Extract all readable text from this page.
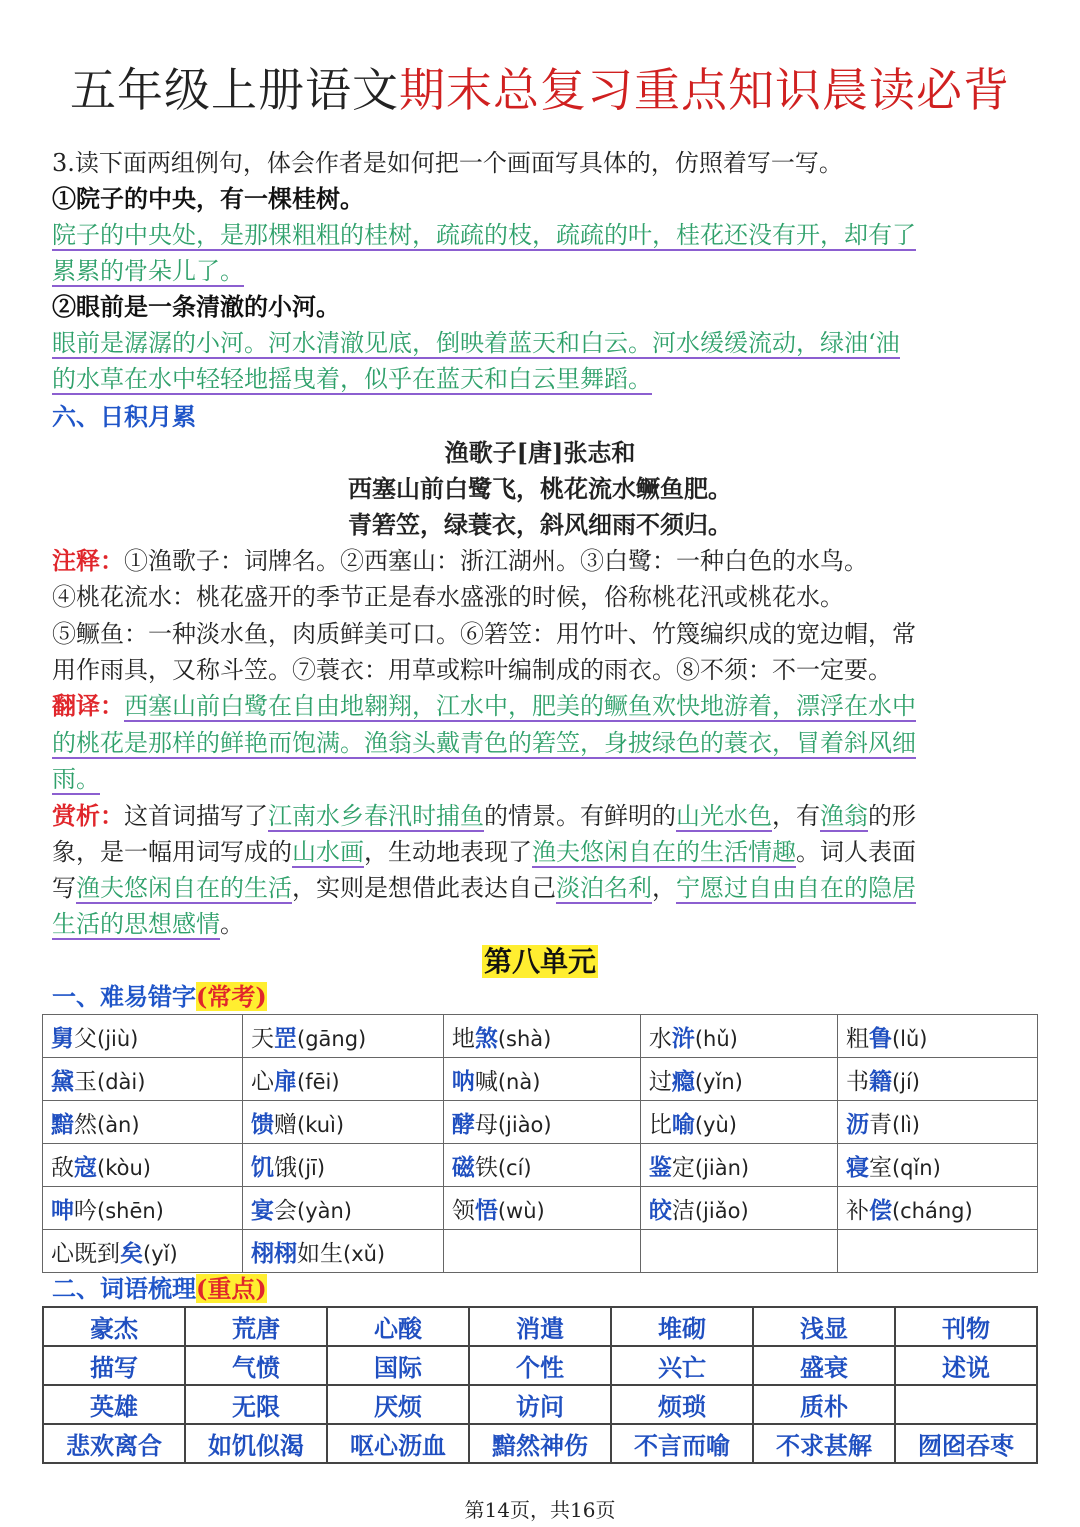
五年级上册语文期末总复习重点知识晨读必背
3.读下面两组例句，体会作者是如何把一个画面写具体的，仿照着写一写。
①院子的中央，有一棵桂树。
院子的中央处，是那棵粗粗的桂树，疏疏的枝，疏疏的叶，桂花还没有开，却有了
累累的骨朵儿了。
②眼前是一条清澈的小河。
眼前是潺潺的小河。河水清澈见底，倒映着蓝天和白云。河水缓缓流动，绿油‘油
的水草在水中轻轻地摇曳着，似乎在蓝天和白云里舞蹈。
六、日积月累
渔歌子[唐]张志和
西塞山前白鹭飞，桃花流水鳜鱼肥。
青箬笠，绿蓑衣，斜风细雨不须归。
注释：①渔歌子：词牌名。②西塞山：浙江湖州。③白鹭：一种白色的水鸟。
④桃花流水：桃花盛开的季节正是春水盛涨的时候，俗称桃花汛或桃花水。
⑤鳜鱼：一种淡水鱼，肉质鲜美可口。⑥箬笠：用竹叶、竹篾编织成的宽边帽，常
用作雨具，又称斗笠。⑦蓑衣：用草或粽叶编制成的雨衣。⑧不须：不一定要。
翻译：西塞山前白鹭在自由地翱翔，江水中，肥美的鳜鱼欢快地游着，漂浮在水中
的桃花是那样的鲜艳而饱满。渔翁头戴青色的箬笠，身披绿色的蓑衣，冒着斜风细
雨。
赏析：这首词描写了江南水乡春汛时捕鱼的情景。有鲜明的山光水色，有渔翁的形
象，是一幅用词写成的山水画，生动地表现了渔夫悠闲自在的生活情趣。词人表面
写渔夫悠闲自在的生活，实则是想借此表达自己淡泊名利，宁愿过自由自在的隐居
生活的思想感情。
第八单元
一、难易错字(常考)
舅父(jiù)	天罡(gāng)	地煞(shà)	水浒(hǔ)	粗鲁(lǔ)
黛玉(dài)	心扉(fēi)	呐喊(nà)	过瘾(yǐn)	书籍(jí)
黯然(àn)	馈赠(kuì)	酵母(jiào)	比喻(yù)	沥青(lì)
敌寇(kòu)	饥饿(jī)	磁铁(cí)	鉴定(jiàn)	寝室(qǐn)
呻吟(shēn)	宴会(yàn)	领悟(wù)	皎洁(jiǎo)	补偿(cháng)
心既到矣(yǐ)	栩栩如生(xǔ)			
二、词语梳理(重点)
豪杰	荒唐	心酸	消遣	堆砌	浅显	刊物
描写	气愤	国际	个性	兴亡	盛衰	述说
英雄	无限	厌烦	访问	烦琐	质朴	
悲欢离合	如饥似渴	呕心沥血	黯然神伤	不言而喻	不求甚解	囫囵吞枣
第14页，共16页
